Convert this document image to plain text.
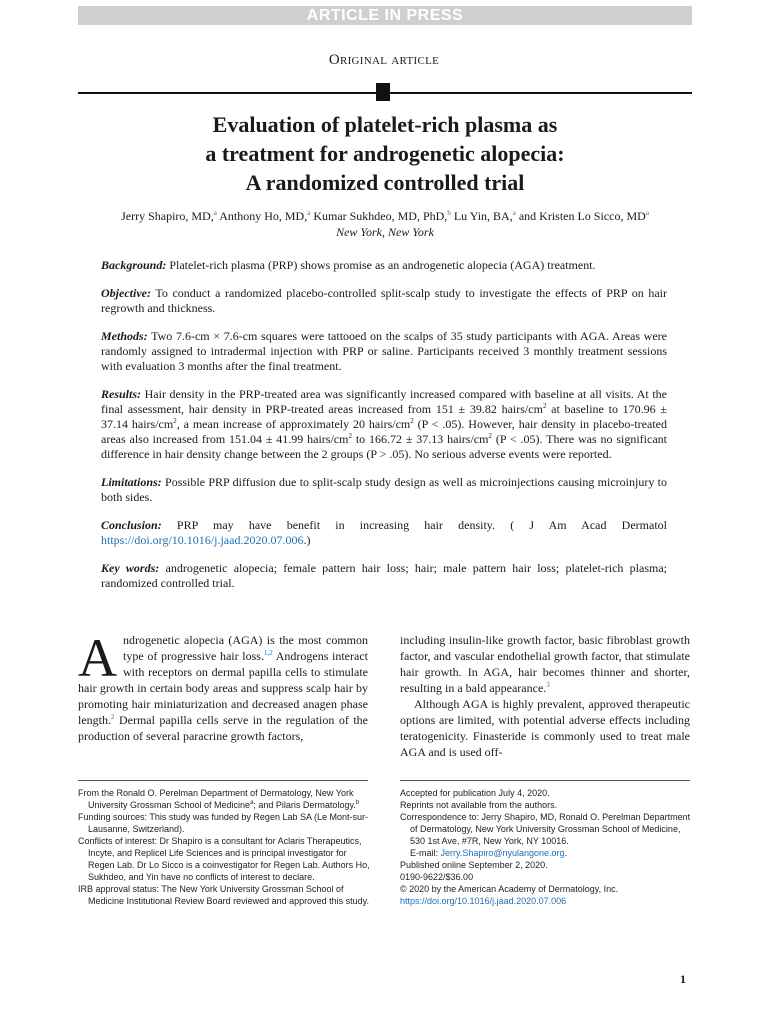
ARTICLE IN PRESS
Original article
Evaluation of platelet-rich plasma as
a treatment for androgenetic alopecia:
A randomized controlled trial
Jerry Shapiro, MD,$^a$ Anthony Ho, MD,$^a$ Kumar Sukhdeo, MD, PhD,$^b$ Lu Yin, BA,$^a$ and Kristen Lo Sicco, $MD^a$
New York, New York

Background: Platelet-rich plasma (PRP) shows promise as an androgenetic alopecia (AGA) treatment.

Objective: To conduct a randomized placebo-controlled split-scalp study to investigate the effects of PRP on hair regrowth and thickness.

Methods: Two 7.6-cm × 7.6-cm squares were tattooed on the scalps of 35 study participants with AGA. Areas were randomly assigned to intradermal injection with PRP or saline. Participants received 3 monthly treatment sessions with evaluation 3 months after the final treatment.

Results: Hair density in the PRP-treated area was significantly increased compared with baseline at all visits. At the final assessment, hair density in PRP-treated areas increased from 151 ± 39.82 hairs/$cm^2$ at baseline to 170.96 ± 37.14 hairs/$cm^2$, a mean increase of approximately 20 hairs/$cm^2$ (P < .05). However, hair density in placebo-treated areas also increased from 151.04 ± 41.99 hairs/$cm^2$ to 166.72 ± 37.13 hairs/$cm^2$ (P < .05). There was no significant difference in hair density change between the 2 groups (P > .05). No serious adverse events were reported.

Limitations: Possible PRP diffusion due to split-scalp study design as well as microinjections causing microinjury to both sides.

Conclusion: PRP may have benefit in increasing hair density. ( J Am Acad Dermatol https://doi.org/10.1016/j.jaad.2020.07.006.)

Key words: androgenetic alopecia; female pattern hair loss; hair; male pattern hair loss; platelet-rich plasma; randomized controlled trial.

Androgenetic alopecia (AGA) is the most common type of progressive hair loss.$^{1,2}$ Androgens interact with receptors on dermal papilla cells to stimulate hair growth in certain body areas and suppress scalp hair by promoting hair miniaturization and decreased anagen phase length.$^2$ Dermal papilla cells serve in the regulation of the production of several paracrine growth factors,

including insulin-like growth factor, basic fibroblast growth factor, and vascular endothelial growth factor, that stimulate hair growth. In AGA, hair becomes thinner and shorter, resulting in a bald appearance.$^3$

Although AGA is highly prevalent, approved therapeutic options are limited, with potential adverse effects including teratogenicity. Finasteride is commonly used to treat male AGA and is used off-

From the Ronald O. Perelman Department of Dermatology, New York University Grossman School of Medicine$^a$; and Pilaris Dermatology.$^b$

Funding sources: This study was funded by Regen Lab SA (Le Mont-sur-Lausanne, Switzerland).

Conflicts of interest: Dr Shapiro is a consultant for Aclaris Therapeutics, Incyte, and Replicel Life Sciences and is principal investigator for Regen Lab. Dr Lo Sicco is a coinvestigator for Regen Lab. Authors Ho, Sukhdeo, and Yin have no conflicts of interest to declare.

IRB approval status: The New York University Grossman School of Medicine Institutional Review Board reviewed and approved this study.

Accepted for publication July 4, 2020.

Reprints not available from the authors.

Correspondence to: Jerry Shapiro, MD, Ronald O. Perelman Department of Dermatology, New York University Grossman School of Medicine, 530 1st Ave, #7R, New York, NY 10016.
E-mail: Jerry.Shapiro@nyulangone.org.

Published online September 2, 2020.

0190-9622/$36.00

© 2020 by the American Academy of Dermatology, Inc.

https://doi.org/10.1016/j.jaad.2020.07.006

1
